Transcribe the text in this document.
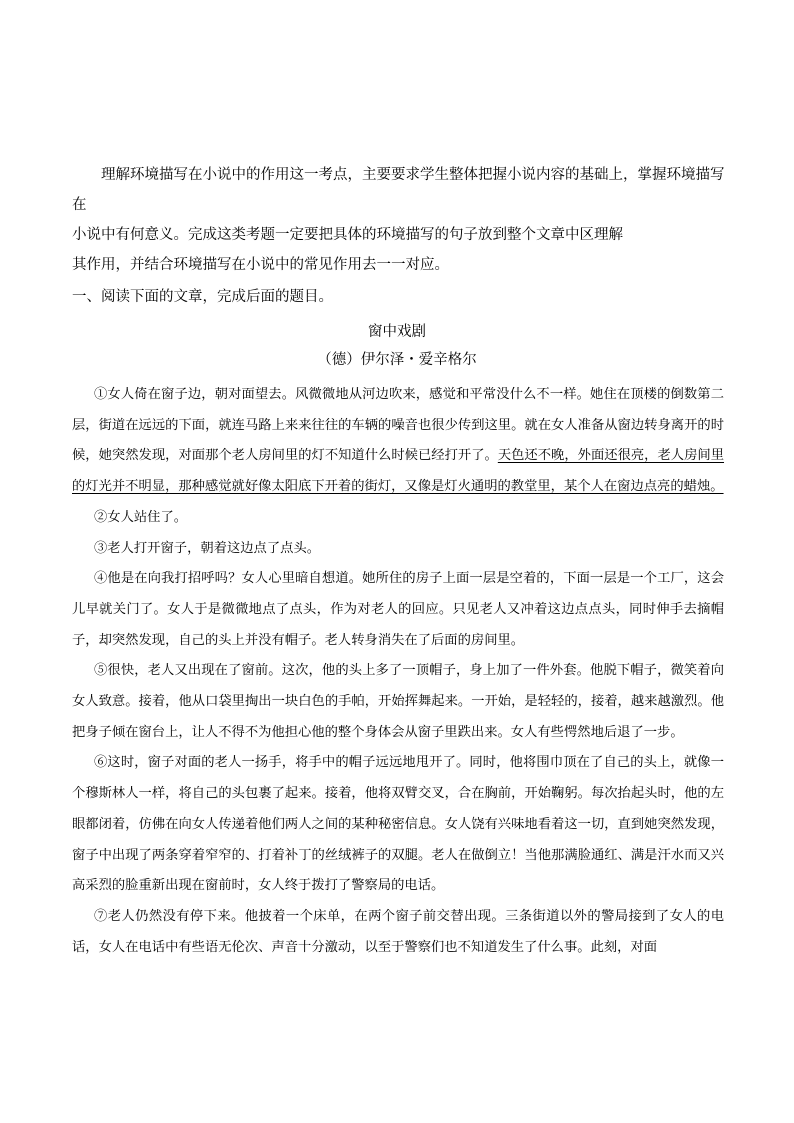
理解环境描写在小说中的作用这一考点，主要要求学生整体把握小说内容的基础上，掌握环境描写在

小说中有何意义。完成这类考题一定要把具体的环境描写的句子放到整个文章中区理解

其作用，并结合环境描写在小说中的常见作用去一一对应。

一、阅读下面的文章，完成后面的题目。
窗中戏剧
（德）伊尔泽・爱辛格尔

①女人倚在窗子边，朝对面望去。风微微地从河边吹来，感觉和平常没什么不一样。她住在顶楼的倒数第二层，街道在远远的下面，就连马路上来来往往的车辆的噪音也很少传到这里。就在女人准备从窗边转身离开的时候，她突然发现，对面那个老人房间里的灯不知道什么时候已经打开了。天色还不晚，外面还很亮，老人房间里的灯光并不明显，那种感觉就好像太阳底下开着的街灯，又像是灯火通明的教堂里，某个人在窗边点亮的蜡烛。

②女人站住了。

③老人打开窗子，朝着这边点了点头。

④他是在向我打招呼吗？女人心里暗自想道。她所住的房子上面一层是空着的，下面一层是一个工厂，这会儿早就关门了。女人于是微微地点了点头，作为对老人的回应。只见老人又冲着这边点点头，同时伸手去摘帽子，却突然发现，自己的头上并没有帽子。老人转身消失在了后面的房间里。

⑤很快，老人又出现在了窗前。这次，他的头上多了一顶帽子，身上加了一件外套。他脱下帽子，微笑着向女人致意。接着，他从口袋里掏出一块白色的手帕，开始挥舞起来。一开始，是轻轻的，接着，越来越激烈。他把身子倾在窗台上，让人不得不为他担心他的整个身体会从窗子里跌出来。女人有些愕然地后退了一步。

⑥这时，窗子对面的老人一扬手，将手中的帽子远远地甩开了。同时，他将围巾顶在了自己的头上，就像一个穆斯林人一样，将自己的头包裹了起来。接着，他将双臂交叉，合在胸前，开始鞠躬。每次抬起头时，他的左眼都闭着，仿佛在向女人传递着他们两人之间的某种秘密信息。女人饶有兴味地看着这一切，直到她突然发现，窗子中出现了两条穿着窄窄的、打着补丁的丝绒裤子的双腿。老人在做倒立！当他那满脸通红、满是汗水而又兴高采烈的脸重新出现在窗前时，女人终于拨打了警察局的电话。

⑦老人仍然没有停下来。他披着一个床单，在两个窗子前交替出现。三条街道以外的警局接到了女人的电话，女人在电话中有些语无伦次、声音十分激动，以至于警察们也不知道发生了什么事。此刻，对面
